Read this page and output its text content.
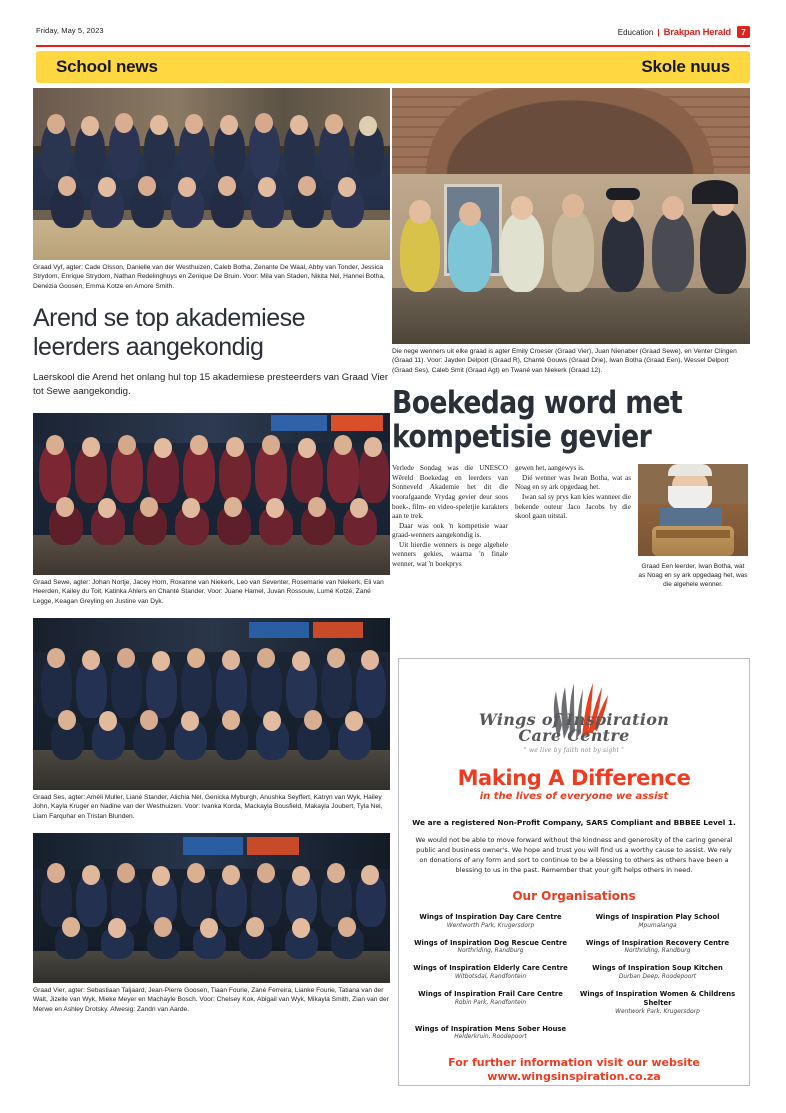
Friday, May 5, 2023	Education | Brakpan Herald	7
School news	Skole nuus
Graad Vyf, agter: Cade Olsson, Danielle van der Westhuizen, Caleb Botha, Zenante De Waal, Abby van Tonder, Jessica Strydom, Enrique Strydom, Nathan Redelinghuys en Zenique De Bruin. Voor: Mila van Staden, Nikita Nel, Hannei Botha, Denézia Goosen, Emma Kotze en Amore Smith.
Arend se top akademiese leerders aangekondig

Laerskool die Arend het onlang hul top 15 akademiese presteerders van Graad Vier tot Sewe aangekondig.

Graad Sewe, agter: Johan Nortje, Jacey Horn, Roxanne van Niekerk, Leo van Seventer, Rosemarie van Niekerk, Eli van Heerden, Kailey du Toit, Katinka Ahlers en Chanté Stander. Voor: Juane Hamel, Juvan Rossouw, Lumé Kotzé, Zané Legge, Keagan Greyling en Justine van Dyk.
Graad Ses, agter: Améli Muller, Liané Stander, Alichia Nel, Genicka Myburgh, Anushka Seyffert, Katryn van Wyk, Hailey John, Kayla Kruger en Nadine van der Westhuizen. Voor: Ivanka Korda, Mackayla Bousfield, Makayla Joubert, Tyla Nel, Liam Farquhar en Tristan Blunden.
Graad Vier, agter: Sebastiaan Taljaard, Jean-Pierre Goosen, Tiaan Fourie, Zané Ferreira, Lianke Fourie, Tatiana van der Walt, Jizelle van Wyk, Mieke Meyer en Machayle Bosch. Voor: Chelsey Kok, Abigail van Wyk, Mikayla Smith, Zian van der Merwe en Ashley Drotsky. Afwesig: Zandri van Aarde.
Die nege wenners uit elke graad is agter Emily Croeser (Graad Vier), Juan Nienaber (Graad Sewe), en Venter Clingen (Graad 11). Voor: Jayden Delport (Graad R), Chanté Gouws (Graad Drie), Iwan Botha (Graad Een), Wessel Delport (Graad Ses), Caleb Smit (Graad Agt) en Twané van Niekerk (Graad 12).
Boekedag word met kompetisie gevier

Verlede Sondag was die UNESCO Wêreld Boekedag en leerders van Sonneveld Akademie het dit die voorafgaande Vrydag gevier deur soos boek-, film- en video-speletjie karakters aan te trek.

Daar was ook 'n kompetisie waar graad-wenners aangekondig is.

Uit hierdie wenners is nege algehele wenners gekies, waarna 'n finale wenner, wat 'n boekprys

gewen het, aangewys is.

Dié wenner was Iwan Botha, wat as Noag en sy ark opgedaag het.

Iwan sal sy prys kan kies wanneer die bekende outeur Jaco Jacobs by die skool gaan uitstal.

Graad Een leerder, Iwan Botha, wat as Noag en sy ark opgedaag het, was die algehele wenner.
Wings of Inspiration
Care Centre
" we live by faith not by sight "
Making A Difference
in the lives of everyone we assist
We are a registered Non-Profit Company, SARS Compliant and BBBEE Level 1.
We would not be able to move forward without the kindness and generosity of the caring general public and business owner's. We hope and trust you will find us a worthy cause to assist. We rely on donations of any form and sort to continue to be a blessing to others as others have been a blessing to us in the past. Remember that your gift helps others in need.
Our Organisations
Wings of Inspiration Day Care Centre
Wentworth Park, Krugersdorp
Wings of Inspiration Play School
Mpumalanga
Wings of Inspiration Dog Rescue Centre
Northriding, Randburg
Wings of Inspiration Recovery Centre
Northriding, Randburg
Wings of Inspiration Elderly Care Centre
Witbotsdal, Randfontein
Wings of Inspiration Soup Kitchen
Durban Deep, Roodepoort
Wings of Inspiration Frail Care Centre
Robin Park, Randfontein
Wings of Inspiration Women & Childrens Shelter
Wentwork Park, Krugersdorp
Wings of Inspiration Mens Sober House
Helderkruin, Roodepoort
For further information visit our website
www.wingsinspiration.co.za
